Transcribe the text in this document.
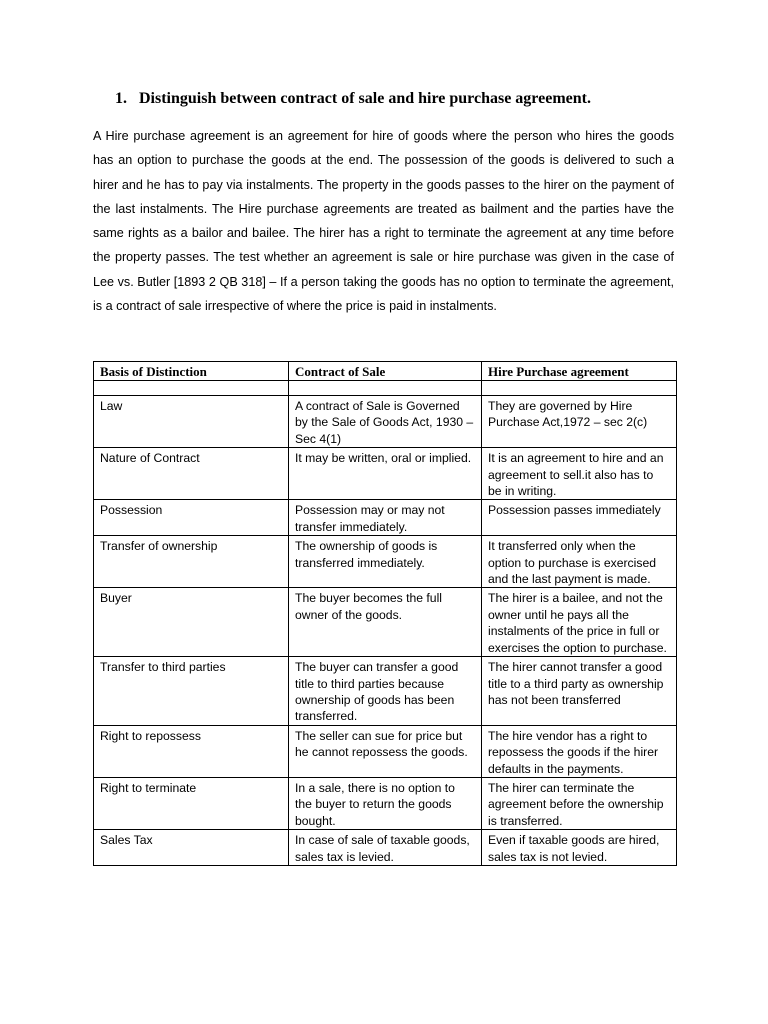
1. Distinguish between contract of sale and hire purchase agreement.

A Hire purchase agreement is an agreement for hire of goods where the person who hires the goods has an option to purchase the goods at the end. The possession of the goods is delivered to such a hirer and he has to pay via instalments. The property in the goods passes to the hirer on the payment of the last instalments. The Hire purchase agreements are treated as bailment and the parties have the same rights as a bailor and bailee. The hirer has a right to terminate the agreement at any time before the property passes. The test whether an agreement is sale or hire purchase was given in the case of Lee vs. Butler [1893 2 QB 318] – If a person taking the goods has no option to terminate the agreement, is a contract of sale irrespective of where the price is paid in instalments.

Basis of Distinction	Contract of Sale	Hire Purchase agreement

Law	A contract of Sale is Governed by the Sale of Goods Act, 1930 – Sec 4(1)	They are governed by Hire Purchase Act,1972 – sec 2(c)
Nature of Contract	It may be written, oral or implied.	It is an agreement to hire and an agreement to sell.it also has to be in writing.
Possession	Possession may or may not transfer immediately.	Possession passes immediately
Transfer of ownership	The ownership of goods is transferred immediately.	It transferred only when the option to purchase is exercised and the last payment is made.
Buyer	The buyer becomes the full owner of the goods.	The hirer is a bailee, and not the owner until he pays all the instalments of the price in full or exercises the option to purchase.
Transfer to third parties	The buyer can transfer a good title to third parties because ownership of goods has been transferred.	The hirer cannot transfer a good title to a third party as ownership has not been transferred
Right to repossess	The seller can sue for price but he cannot repossess the goods.	The hire vendor has a right to repossess the goods if the hirer defaults in the payments.
Right to terminate	In a sale, there is no option to the buyer to return the goods bought.	The hirer can terminate the agreement before the ownership is transferred.
Sales Tax	In case of sale of taxable goods, sales tax is levied.	Even if taxable goods are hired, sales tax is not levied.
